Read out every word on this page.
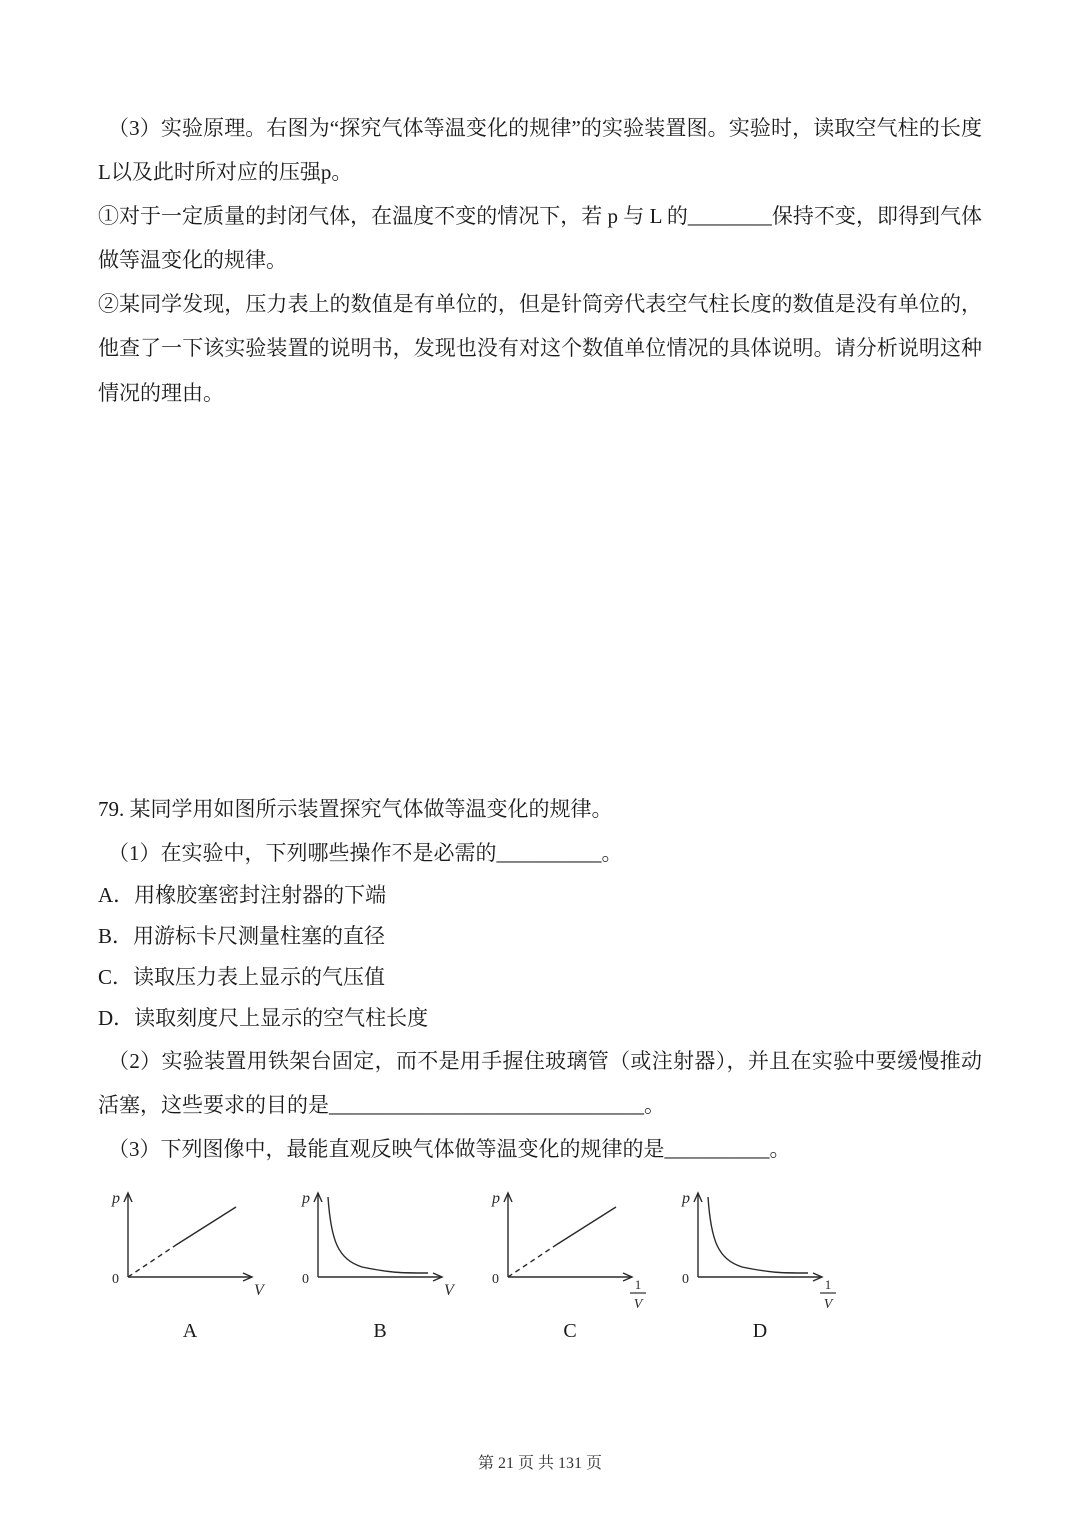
（3）实验原理。右图为“探究气体等温变化的规律”的实验装置图。实验时，读取空气柱的长度L以及此时所对应的压强p。

①对于一定质量的封闭气体，在温度不变的情况下，若 p 与 L 的________保持不变，即得到气体做等温变化的规律。

②某同学发现，压力表上的数值是有单位的，但是针筒旁代表空气柱长度的数值是没有单位的，他查了一下该实验装置的说明书，发现也没有对这个数值单位情况的具体说明。请分析说明这种情况的理由。

79. 某同学用如图所示装置探究气体做等温变化的规律。

（1）在实验中，下列哪些操作不是必需的__________。

A．用橡胶塞密封注射器的下端
B．用游标卡尺测量柱塞的直径
C．读取压力表上显示的气压值
D．读取刻度尺上显示的空气柱长度

（2）实验装置用铁架台固定，而不是用手握住玻璃管（或注射器），并且在实验中要缓慢推动活塞，这些要求的目的是______________________________。

（3）下列图像中，最能直观反映气体做等温变化的规律的是__________。

p
0
V
A
p
0
V
B
p
0	1
V
C
p
0	1
V
D
第 21 页 共 131 页
